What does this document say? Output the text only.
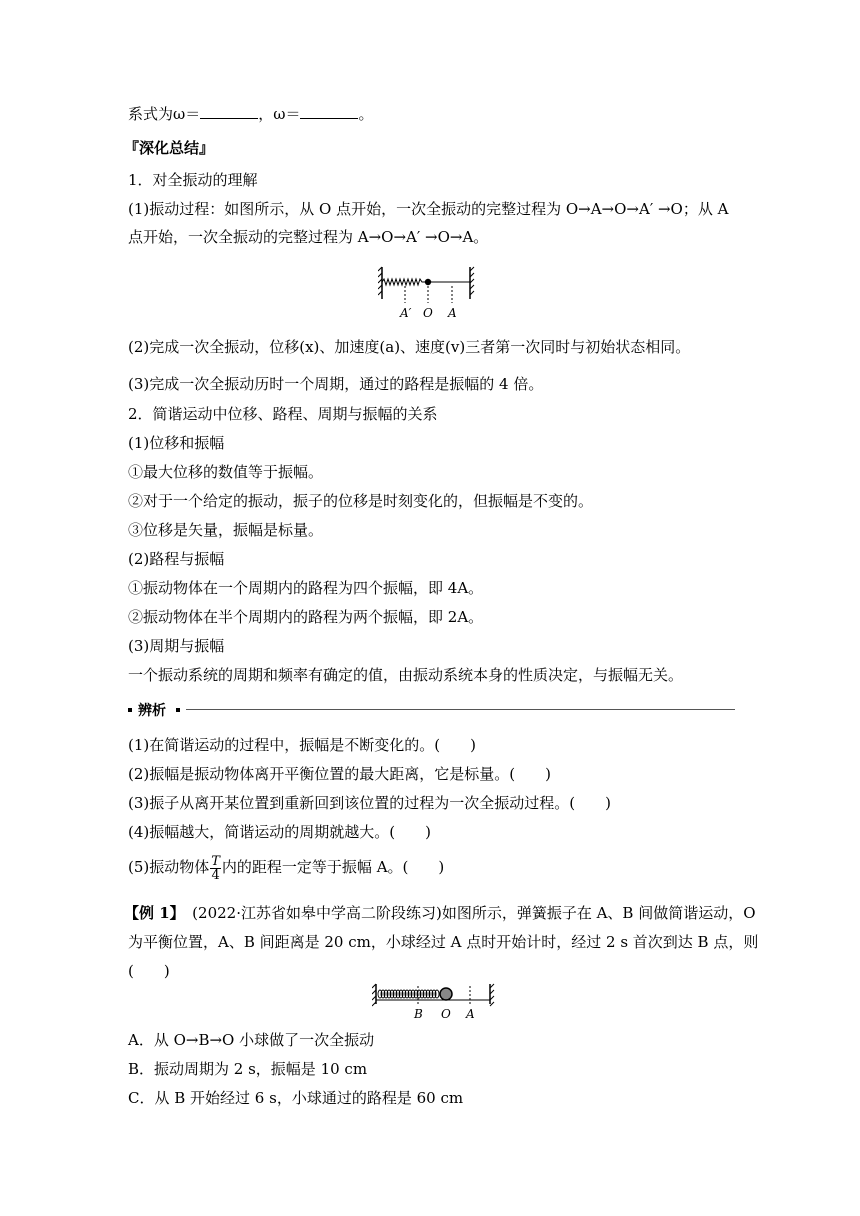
系式为ω＝	，ω＝	。
『深化总结』
1．对全振动的理解
(1)振动过程：如图所示，从 O 点开始，一次全振动的完整过程为 O→A→O→A′ →O；从 A
点开始，一次全振动的完整过程为 A→O→A′ →O→A。
A′ O A
(2)完成一次全振动，位移(x)、加速度(a)、速度(v)三者第一次同时与初始状态相同。
(3)完成一次全振动历时一个周期，通过的路程是振幅的 4 倍。
2．简谐运动中位移、路程、周期与振幅的关系
(1)位移和振幅
①最大位移的数值等于振幅。
②对于一个给定的振动，振子的位移是时刻变化的，但振幅是不变的。
③位移是矢量，振幅是标量。
(2)路程与振幅
①振动物体在一个周期内的路程为四个振幅，即 4A。
②振动物体在半个周期内的路程为两个振幅，即 2A。
(3)周期与振幅
一个振动系统的周期和频率有确定的值，由振动系统本身的性质决定，与振幅无关。
辨析
(1)在简谐运动的过程中，振幅是不断变化的。(　　)
(2)振幅是振动物体离开平衡位置的最大距离，它是标量。(　　)
(3)振子从离开某位置到重新回到该位置的过程为一次全振动过程。(　　)
(4)振幅越大，简谐运动的周期就越大。(　　)
(5)振动物体 $\frac{T}{4}$ 内的距程一定等于振幅 A。(　　)
【例 1】　(2022·江苏省如皋中学高二阶段练习)如图所示，弹簧振子在 A、B 间做简谐运动，O
为平衡位置，A、B 间距离是 20 cm，小球经过 A 点时开始计时，经过 2 s 首次到达 B 点，则
(　　)
B O A
A．从 O→B→O 小球做了一次全振动
B．振动周期为 2 s，振幅是 10 cm
C．从 B 开始经过 6 s，小球通过的路程是 60 cm
